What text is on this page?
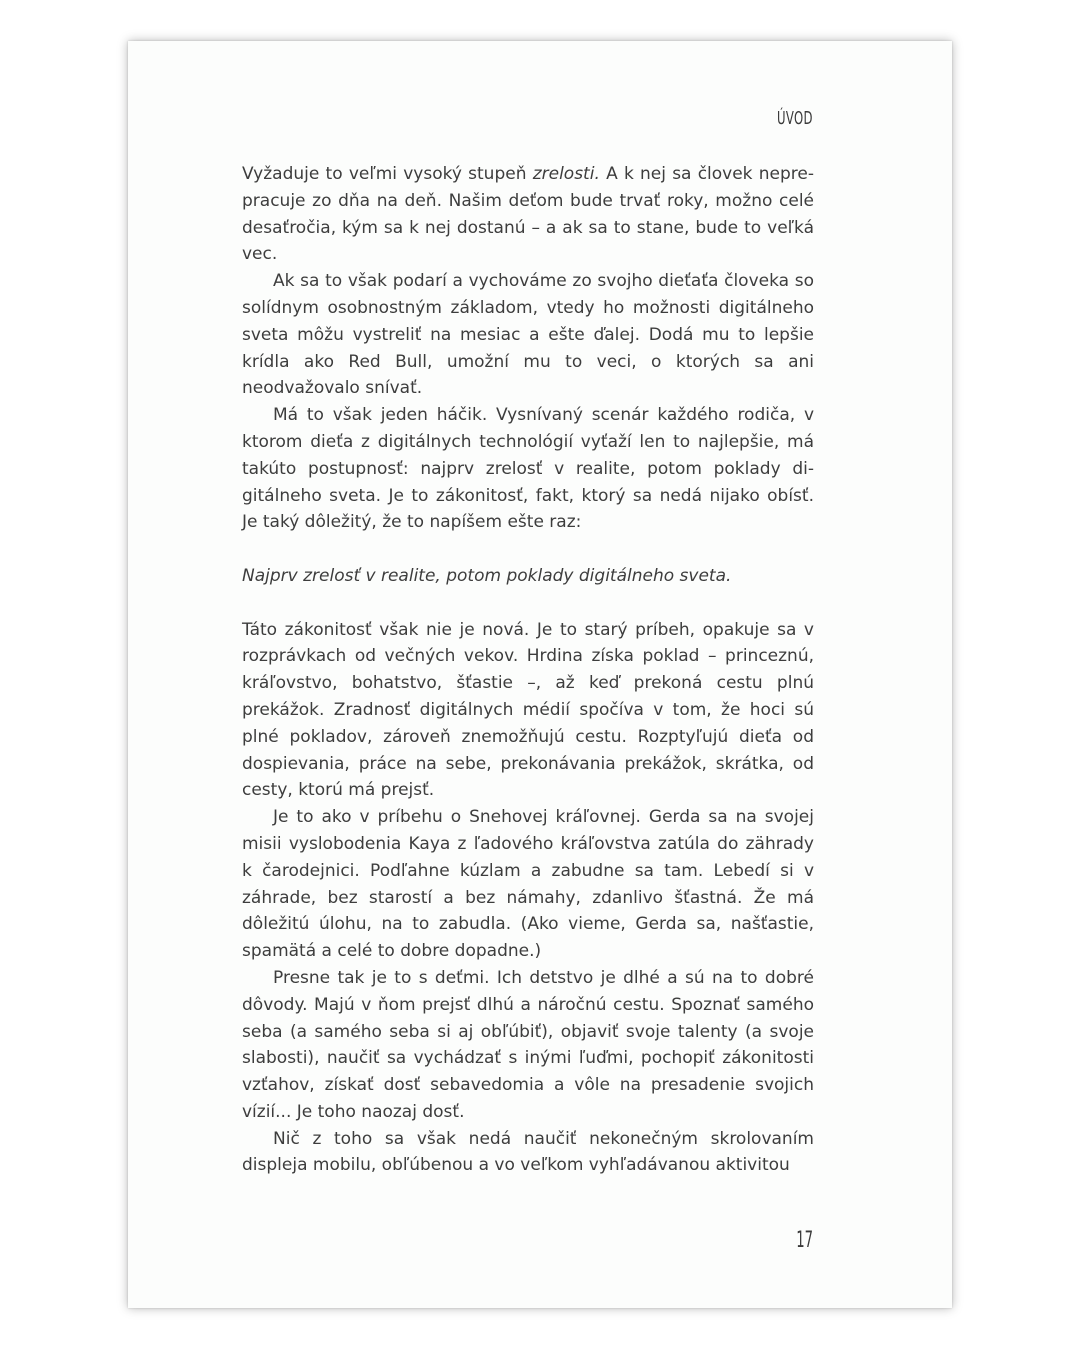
ÚVOD

Vyžaduje to veľmi vysoký stupeň zrelosti. A k nej sa človek neprepracuje zo dňa na deň. Našim deťom bude trvať roky, možno celé desaťročia, kým sa k nej dostanú – a ak sa to stane, bude to veľká vec.

Ak sa to však podarí a vychováme zo svojho dieťaťa človeka so solídnym osobnostným základom, vtedy ho možnosti digitálneho sveta môžu vystreliť na mesiac a ešte ďalej. Dodá mu to lepšie krídla ako Red Bull, umožní mu to veci, o ktorých sa ani neodvažovalo snívať.

Má to však jeden háčik. Vysnívaný scenár každého rodiča, v ktorom dieťa z digitálnych technológií vyťaží len to najlepšie, má takúto postupnosť: najprv zrelosť v realite, potom poklady digitálneho sveta. Je to zákonitosť, fakt, ktorý sa nedá nijako obísť. Je taký dôležitý, že to napíšem ešte raz:

Najprv zrelosť v realite, potom poklady digitálneho sveta.

Táto zákonitosť však nie je nová. Je to starý príbeh, opakuje sa v rozprávkach od večných vekov. Hrdina získa poklad – princeznú, kráľovstvo, bohatstvo, šťastie –, až keď prekoná cestu plnú prekážok. Zradnosť digitálnych médií spočíva v tom, že hoci sú plné pokladov, zároveň znemožňujú cestu. Rozptyľujú dieťa od dospievania, práce na sebe, prekonávania prekážok, skrátka, od cesty, ktorú má prejsť.

Je to ako v príbehu o Snehovej kráľovnej. Gerda sa na svojej misii vyslobodenia Kaya z ľadového kráľovstva zatúla do zährаdy k čarodejnici. Podľahne kúzlam a zabudne sa tam. Lebedí si v záhrade, bez starostí a bez námahy, zdanlivo šťastná. Že má dôležitú úlohu, na to zabudla. (Ako vieme, Gerda sa, našťastie, spamätá a celé to dobre dopadne.)

Presne tak je to s deťmi. Ich detstvo je dlhé a sú na to dobré dôvody. Majú v ňom prejsť dlhú a náročnú cestu. Spoznať samého seba (a samého seba si aj obľúbiť), objaviť svoje talenty (a svoje slabosti), naučiť sa vychádzať s inými ľuďmi, pochopiť zákonitosti vzťahov, získať dosť sebavedomia a vôle na presadenie svojich vízií... Je toho naozaj dosť.

Nič z toho sa však nedá naučiť nekonečným skrolovaním displeja mobilu, obľúbenou a vo veľkom vyhľadávanou aktivitou

17
